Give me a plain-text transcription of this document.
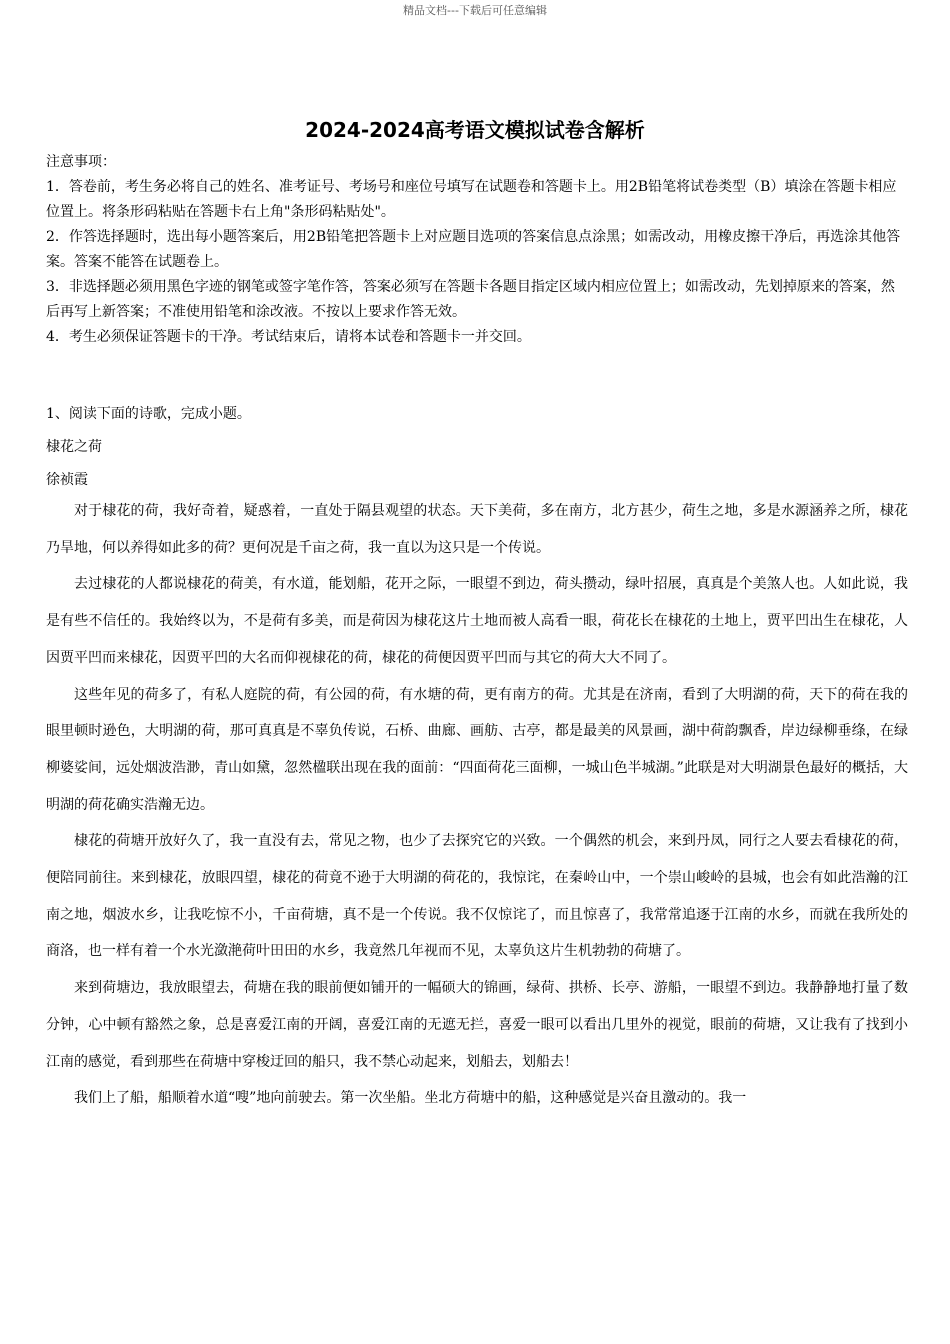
精品文档---下载后可任意编辑
2024-2024高考语文模拟试卷含解析
注意事项：
1．答卷前，考生务必将自己的姓名、准考证号、考场号和座位号填写在试题卷和答题卡上。用2B铅笔将试卷类型（B）填涂在答题卡相应位置上。将条形码粘贴在答题卡右上角"条形码粘贴处"。
2．作答选择题时，选出每小题答案后，用2B铅笔把答题卡上对应题目选项的答案信息点涂黑；如需改动，用橡皮擦干净后，再选涂其他答案。答案不能答在试题卷上。
3．非选择题必须用黑色字迹的钢笔或签字笔作答，答案必须写在答题卡各题目指定区域内相应位置上；如需改动，先划掉原来的答案，然后再写上新答案；不准使用铅笔和涂改液。不按以上要求作答无效。
4．考生必须保证答题卡的干净。考试结束后，请将本试卷和答题卡一并交回。
1、阅读下面的诗歌，完成小题。
棣花之荷
徐祯霞

对于棣花的荷，我好奇着，疑惑着，一直处于隔县观望的状态。天下美荷，多在南方，北方甚少，荷生之地，多是水源涵养之所，棣花乃旱地，何以养得如此多的荷？更何况是千亩之荷，我一直以为这只是一个传说。

去过棣花的人都说棣花的荷美，有水道，能划船，花开之际，一眼望不到边，荷头攒动，绿叶招展，真真是个美煞人也。人如此说，我是有些不信任的。我始终以为，不是荷有多美，而是荷因为棣花这片土地而被人高看一眼，荷花长在棣花的土地上，贾平凹出生在棣花，人因贾平凹而来棣花，因贾平凹的大名而仰视棣花的荷，棣花的荷便因贾平凹而与其它的荷大大不同了。

这些年见的荷多了，有私人庭院的荷，有公园的荷，有水塘的荷，更有南方的荷。尤其是在济南，看到了大明湖的荷，天下的荷在我的眼里顿时逊色，大明湖的荷，那可真真是不辜负传说，石桥、曲廊、画舫、古亭，都是最美的风景画，湖中荷韵飘香，岸边绿柳垂绦，在绿柳婆娑间，远处烟波浩渺，青山如黛，忽然楹联出现在我的面前：“四面荷花三面柳，一城山色半城湖。”此联是对大明湖景色最好的概括，大明湖的荷花确实浩瀚无边。

棣花的荷塘开放好久了，我一直没有去，常见之物，也少了去探究它的兴致。一个偶然的机会，来到丹凤，同行之人要去看棣花的荷，便陪同前往。来到棣花，放眼四望，棣花的荷竟不逊于大明湖的荷花的，我惊诧，在秦岭山中，一个崇山峻岭的县城，也会有如此浩瀚的江南之地，烟波水乡，让我吃惊不小，千亩荷塘，真不是一个传说。我不仅惊诧了，而且惊喜了，我常常追逐于江南的水乡，而就在我所处的商洛，也一样有着一个水光潋滟荷叶田田的水乡，我竟然几年视而不见，太辜负这片生机勃勃的荷塘了。

来到荷塘边，我放眼望去，荷塘在我的眼前便如铺开的一幅硕大的锦画，绿荷、拱桥、长亭、游船，一眼望不到边。我静静地打量了数分钟，心中顿有豁然之象，总是喜爱江南的开阔，喜爱江南的无遮无拦，喜爱一眼可以看出几里外的视觉，眼前的荷塘，又让我有了找到小江南的感觉，看到那些在荷塘中穿梭迂回的船只，我不禁心动起来，划船去，划船去！

我们上了船，船顺着水道“嗖”地向前驶去。第一次坐船。坐北方荷塘中的船，这种感觉是兴奋且激动的。我一
